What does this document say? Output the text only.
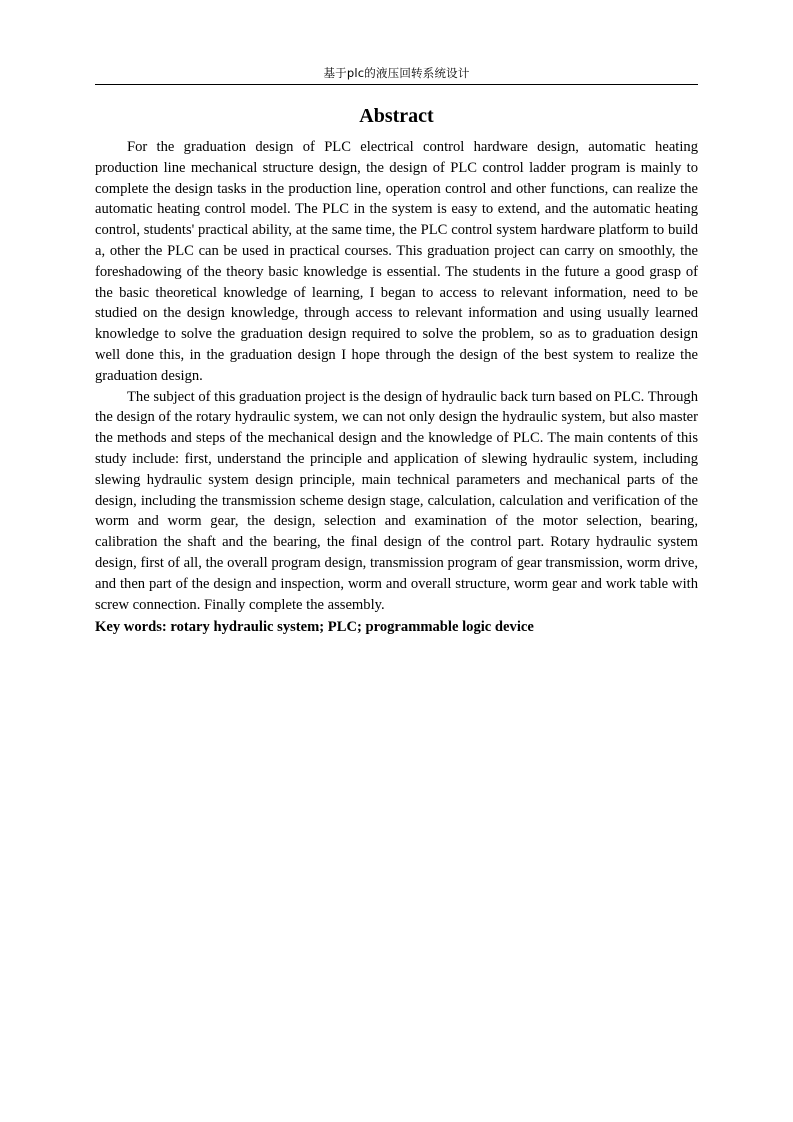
基于plc的液压回转系统设计
Abstract

For the graduation design of PLC electrical control hardware design, automatic heating production line mechanical structure design, the design of PLC control ladder program is mainly to complete the design tasks in the production line, operation control and other functions, can realize the automatic heating control model. The PLC in the system is easy to extend, and the automatic heating control, students' practical ability, at the same time, the PLC control system hardware platform to build a, other the PLC can be used in practical courses. This graduation project can carry on smoothly, the foreshadowing of the theory basic knowledge is essential. The students in the future a good grasp of the basic theoretical knowledge of learning, I began to access to relevant information, need to be studied on the design knowledge, through access to relevant information and using usually learned knowledge to solve the graduation design required to solve the problem, so as to graduation design well done this, in the graduation design I hope through the design of the best system to realize the graduation design.

The subject of this graduation project is the design of hydraulic back turn based on PLC. Through the design of the rotary hydraulic system, we can not only design the hydraulic system, but also master the methods and steps of the mechanical design and the knowledge of PLC. The main contents of this study include: first, understand the principle and application of slewing hydraulic system, including slewing hydraulic system design principle, main technical parameters and mechanical parts of the design, including the transmission scheme design stage, calculation, calculation and verification of the worm and worm gear, the design, selection and examination of the motor selection, bearing, calibration the shaft and the bearing, the final design of the control part. Rotary hydraulic system design, first of all, the overall program design, transmission program of gear transmission, worm drive, and then part of the design and inspection, worm and overall structure, worm gear and work table with screw connection. Finally complete the assembly.

Key words: rotary hydraulic system; PLC; programmable logic device
